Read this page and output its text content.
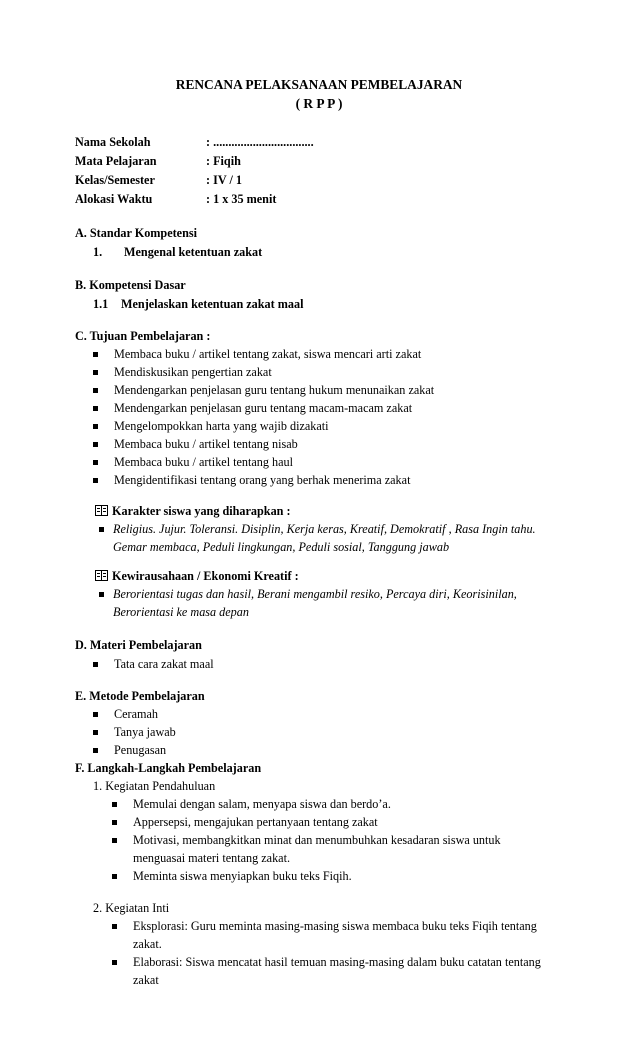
RENCANA PELAKSANAAN PEMBELAJARAN
( R P P )
Nama Sekolah	: .................................
Mata Pelajaran	: Fiqih
Kelas/Semester	: IV / 1
Alokasi Waktu	: 1 x 35 menit
A. Standar Kompetensi
1. Mengenal ketentuan zakat
B. Kompetensi Dasar
1.1 Menjelaskan ketentuan zakat maal
C. Tujuan Pembelajaran :
Membaca buku / artikel tentang zakat, siswa mencari arti zakat
Mendiskusikan pengertian zakat
Mendengarkan penjelasan guru tentang hukum menunaikan zakat
Mendengarkan penjelasan guru tentang macam-macam zakat
Mengelompokkan harta yang wajib dizakati
Membaca buku / artikel tentang nisab
Membaca buku / artikel tentang haul
Mengidentifikasi tentang orang yang berhak menerima zakat
Karakter siswa yang diharapkan :
Religius. Jujur. Toleransi. Disiplin, Kerja keras, Kreatif, Demokratif , Rasa Ingin tahu.
Gemar membaca, Peduli lingkungan, Peduli sosial, Tanggung jawab
Kewirausahaan / Ekonomi Kreatif :
Berorientasi tugas dan hasil, Berani mengambil resiko, Percaya diri, Keorisinilan,
Berorientasi ke masa depan
D. Materi Pembelajaran
Tata cara zakat maal
E. Metode Pembelajaran
Ceramah
Tanya jawab
Penugasan
F. Langkah-Langkah Pembelajaran
1. Kegiatan Pendahuluan
Memulai dengan salam, menyapa siswa dan berdo’a.
Appersepsi, mengajukan pertanyaan tentang zakat
Motivasi, membangkitkan minat dan menumbuhkan kesadaran siswa untuk
menguasai materi tentang zakat.
Meminta siswa menyiapkan buku teks Fiqih.
2. Kegiatan Inti
Eksplorasi: Guru meminta masing-masing siswa membaca buku teks Fiqih tentang
zakat.
Elaborasi: Siswa mencatat hasil temuan masing-masing dalam buku catatan tentang
zakat
